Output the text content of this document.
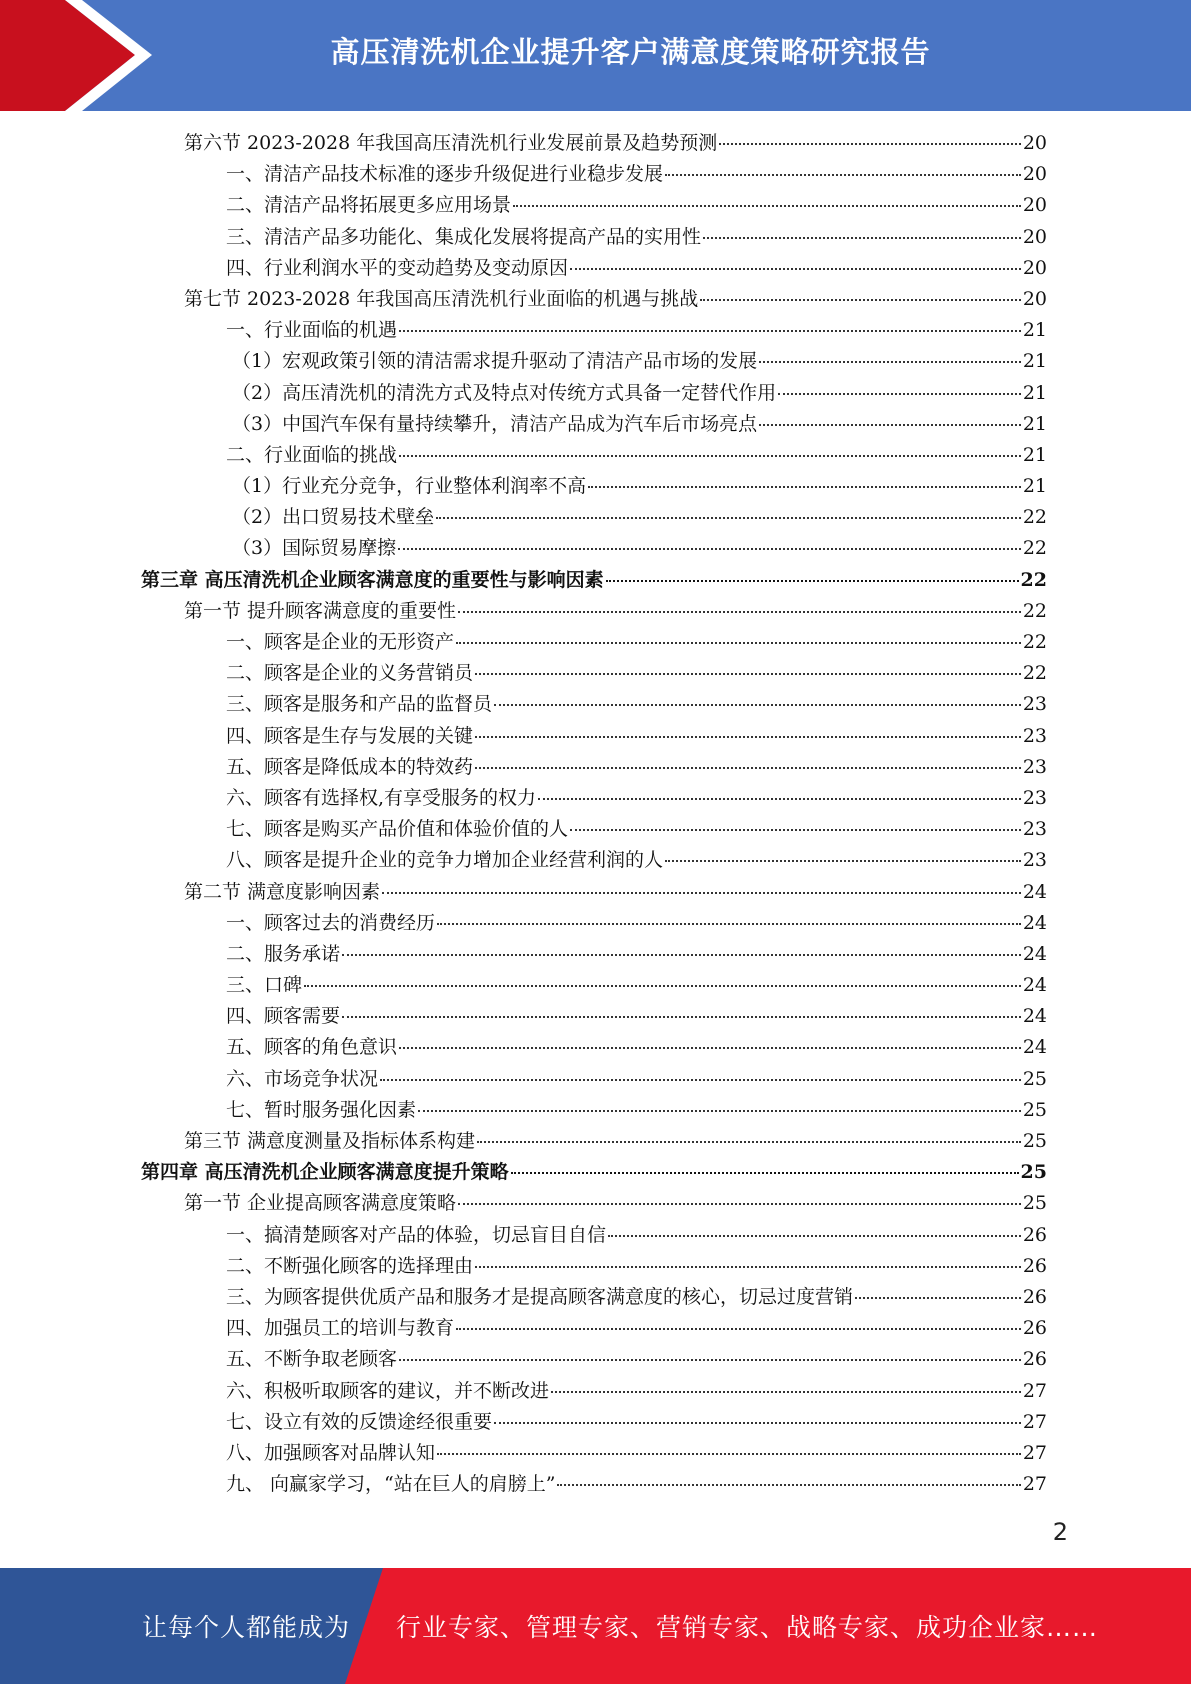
高压清洗机企业提升客户满意度策略研究报告
第六节 2023-2028 年我国高压清洗机行业发展前景及趋势预测	20
一、清洁产品技术标准的逐步升级促进行业稳步发展	20
二、清洁产品将拓展更多应用场景	20
三、清洁产品多功能化、集成化发展将提高产品的实用性	20
四、行业利润水平的变动趋势及变动原因	20
第七节 2023-2028 年我国高压清洗机行业面临的机遇与挑战	20
一、行业面临的机遇	21
（1）宏观政策引领的清洁需求提升驱动了清洁产品市场的发展	21
（2）高压清洗机的清洗方式及特点对传统方式具备一定替代作用	21
（3）中国汽车保有量持续攀升，清洁产品成为汽车后市场亮点	21
二、行业面临的挑战	21
（1）行业充分竞争，行业整体利润率不高	21
（2）出口贸易技术壁垒	22
（3）国际贸易摩擦	22
第三章 高压清洗机企业顾客满意度的重要性与影响因素	22
第一节 提升顾客满意度的重要性	22
一、顾客是企业的无形资产	22
二、顾客是企业的义务营销员	22
三、顾客是服务和产品的监督员	23
四、顾客是生存与发展的关键	23
五、顾客是降低成本的特效药	23
六、顾客有选择权,有享受服务的权力	23
七、顾客是购买产品价值和体验价值的人	23
八、顾客是提升企业的竞争力增加企业经营利润的人	23
第二节 满意度影响因素	24
一、顾客过去的消费经历	24
二、服务承诺	24
三、口碑	24
四、顾客需要	24
五、顾客的角色意识	24
六、市场竞争状况	25
七、暂时服务强化因素	25
第三节 满意度测量及指标体系构建	25
第四章 高压清洗机企业顾客满意度提升策略	25
第一节 企业提高顾客满意度策略	25
一、搞清楚顾客对产品的体验，切忌盲目自信	26
二、不断强化顾客的选择理由	26
三、为顾客提供优质产品和服务才是提高顾客满意度的核心，切忌过度营销	26
四、加强员工的培训与教育	26
五、不断争取老顾客	26
六、积极听取顾客的建议，并不断改进	27
七、设立有效的反馈途经很重要	27
八、加强顾客对品牌认知	27
九、 向赢家学习，“站在巨人的肩膀上”	27
2
让每个人都能成为	行业专家、管理专家、营销专家、战略专家、成功企业家……
